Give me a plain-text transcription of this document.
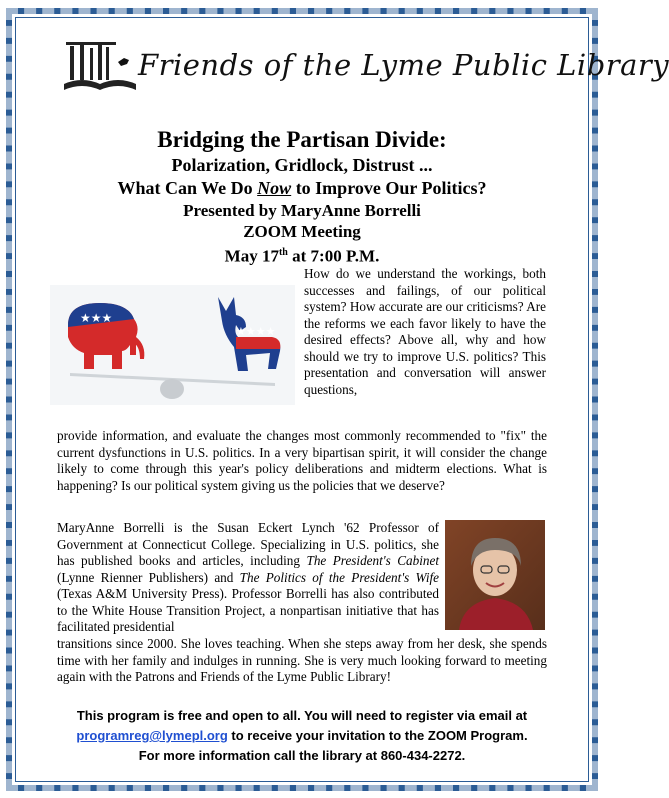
Friends of the Lyme Public Library
Bridging the Partisan Divide:
Polarization, Gridlock, Distrust ...
What Can We Do Now to Improve Our Politics?
Presented by MaryAnne Borrelli
ZOOM Meeting
May 17th at 7:00 P.M.
★★★
★★★★
How do we understand the workings, both successes and failings, of our political system? How accurate are our criticisms? Are the reforms we each favor likely to have the desired effects? Above all, why and how should we try to improve U.S. politics? This presentation and conversation will answer questions,
provide information, and evaluate the changes most commonly recommended to "fix" the current dysfunctions in U.S. politics. In a very bipartisan spirit, it will consider the change likely to come through this year's policy deliberations and midterm elections. What is happening? Is our political system giving us the policies that we deserve?
MaryAnne Borrelli is the Susan Eckert Lynch '62 Professor of Government at Connecticut College. Specializing in U.S. politics, she has published books and articles, including The President's Cabinet (Lynne Rienner Publishers) and The Politics of the President's Wife (Texas A&M University Press). Professor Borrelli has also contributed to the White House Transition Project, a nonpartisan initiative that has facilitated presidential
transitions since 2000. She loves teaching. When she steps away from her desk, she spends time with her family and indulges in running. She is very much looking forward to meeting again with the Patrons and Friends of the Lyme Public Library!
This program is free and open to all. You will need to register via email at
programreg@lymepl.org to receive your invitation to the ZOOM Program.
For more information call the library at 860-434-2272.
